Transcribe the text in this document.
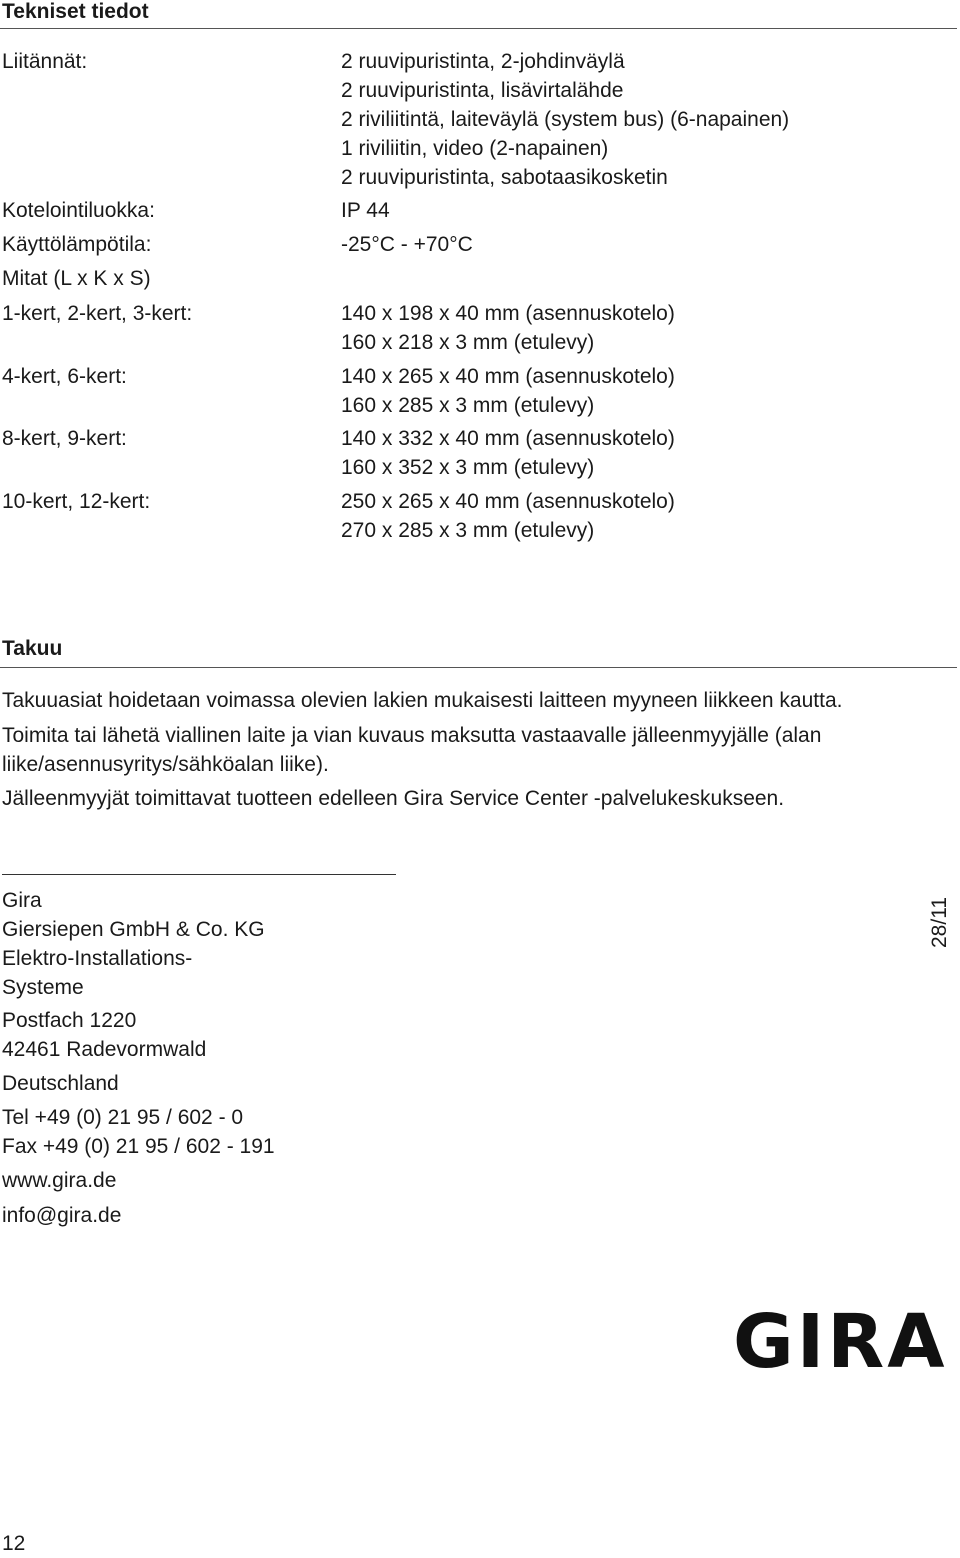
Tekniset tiedot
Liitännät:	2 ruuvipuristinta, 2-johdinväylä
2 ruuvipuristinta, lisävirtalähde
2 riviliitintä, laiteväylä (system bus) (6-napainen)
1 riviliitin, video (2-napainen)
2 ruuvipuristinta, sabotaasikosketin
Kotelointiluokka:	IP 44
Käyttölämpötila:	-25°C - +70°C
Mitat (L x K x S)
1-kert, 2-kert, 3-kert:	140 x 198 x 40 mm (asennuskotelo)
160 x 218 x 3 mm (etulevy)
4-kert, 6-kert:	140 x 265 x 40 mm (asennuskotelo)
160 x 285 x 3 mm (etulevy)
8-kert, 9-kert:	140 x 332 x 40 mm (asennuskotelo)
160 x 352 x 3 mm (etulevy)
10-kert, 12-kert:	250 x 265 x 40 mm (asennuskotelo)
270 x 285 x 3 mm (etulevy)
Takuu
Takuuasiat hoidetaan voimassa olevien lakien mukaisesti laitteen myyneen liikkeen kautta.
Toimita tai lähetä viallinen laite ja vian kuvaus maksutta vastaavalle jälleenmyyjälle (alan
liike/asennusyritys/sähköalan liike).
Jälleenmyyjät toimittavat tuotteen edelleen Gira Service Center -palvelukeskukseen.
Gira
Giersiepen GmbH & Co. KG
Elektro-Installations-
Systeme
Postfach 1220
42461 Radevormwald
Deutschland
Tel +49 (0) 21 95 / 602 - 0
Fax +49 (0) 21 95 / 602 - 191
www.gira.de
info@gira.de
28/11
GIRA
12
